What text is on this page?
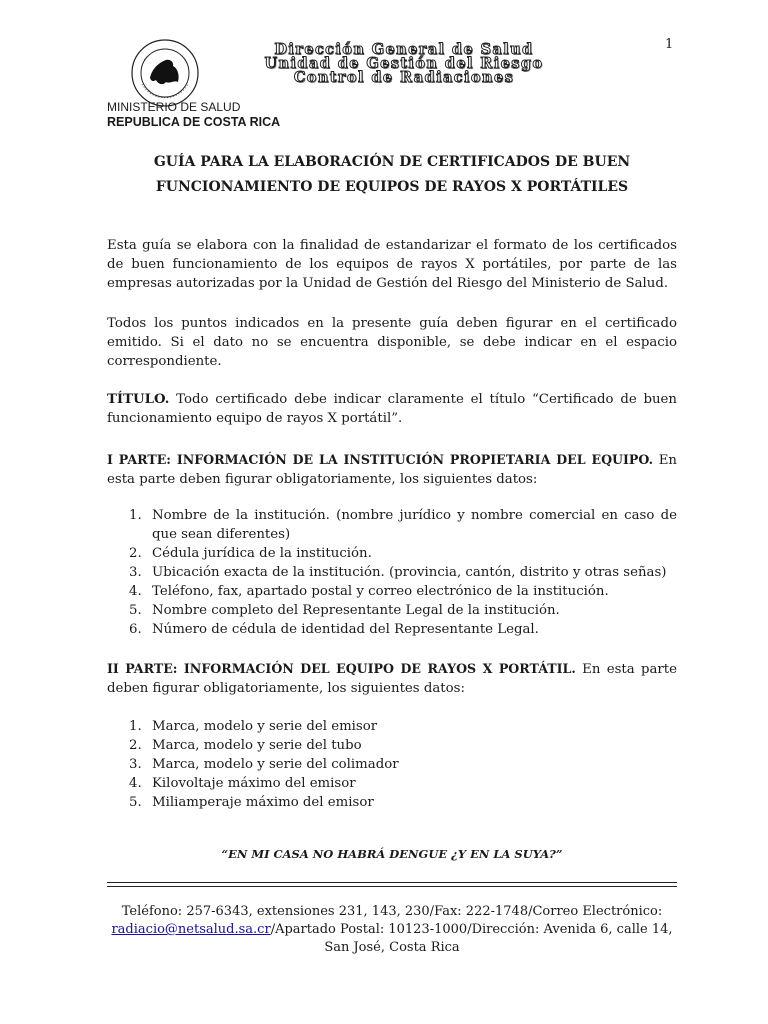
1
Dirección General de Salud
Unidad de Gestión del Riesgo
Control de Radiaciones
MINISTERIO DE SALUD
REPUBLICA DE COSTA RICA
GUÍA PARA LA ELABORACIÓN DE CERTIFICADOS DE BUEN
FUNCIONAMIENTO DE EQUIPOS DE RAYOS X PORTÁTILES
Esta guía se elabora con la finalidad de estandarizar el formato de los certificados de buen funcionamiento de los equipos de rayos X portátiles, por parte de las empresas autorizadas por la Unidad de Gestión del Riesgo del Ministerio de Salud.
Todos los puntos indicados en la presente guía deben figurar en el certificado emitido. Si el dato no se encuentra disponible, se debe indicar en el espacio correspondiente.
TÍTULO. Todo certificado debe indicar claramente el título “Certificado de buen funcionamiento equipo de rayos X portátil”.
I PARTE: INFORMACIÓN DE LA INSTITUCIÓN PROPIETARIA DEL EQUIPO. En esta parte deben figurar obligatoriamente, los siguientes datos:
1. Nombre de la institución. (nombre jurídico y nombre comercial en caso de que sean diferentes)
2. Cédula jurídica de la institución.
3. Ubicación exacta de la institución. (provincia, cantón, distrito y otras señas)
4. Teléfono, fax, apartado postal y correo electrónico de la institución.
5. Nombre completo del Representante Legal de la institución.
6. Número de cédula de identidad del Representante Legal.
II PARTE: INFORMACIÓN DEL EQUIPO DE RAYOS X PORTÁTIL. En esta parte deben figurar obligatoriamente, los siguientes datos:
1. Marca, modelo y serie del emisor
2. Marca, modelo y serie del tubo
3. Marca, modelo y serie del colimador
4. Kilovoltaje máximo del emisor
5. Miliamperaje máximo del emisor
“EN MI CASA NO HABRÁ DENGUE ¿Y EN LA SUYA?”
Teléfono: 257-6343, extensiones 231, 143, 230/Fax: 222-1748/Correo Electrónico:
radiacio@netsalud.sa.cr/Apartado Postal: 10123-1000/Dirección: Avenida 6, calle 14,
San José, Costa Rica
